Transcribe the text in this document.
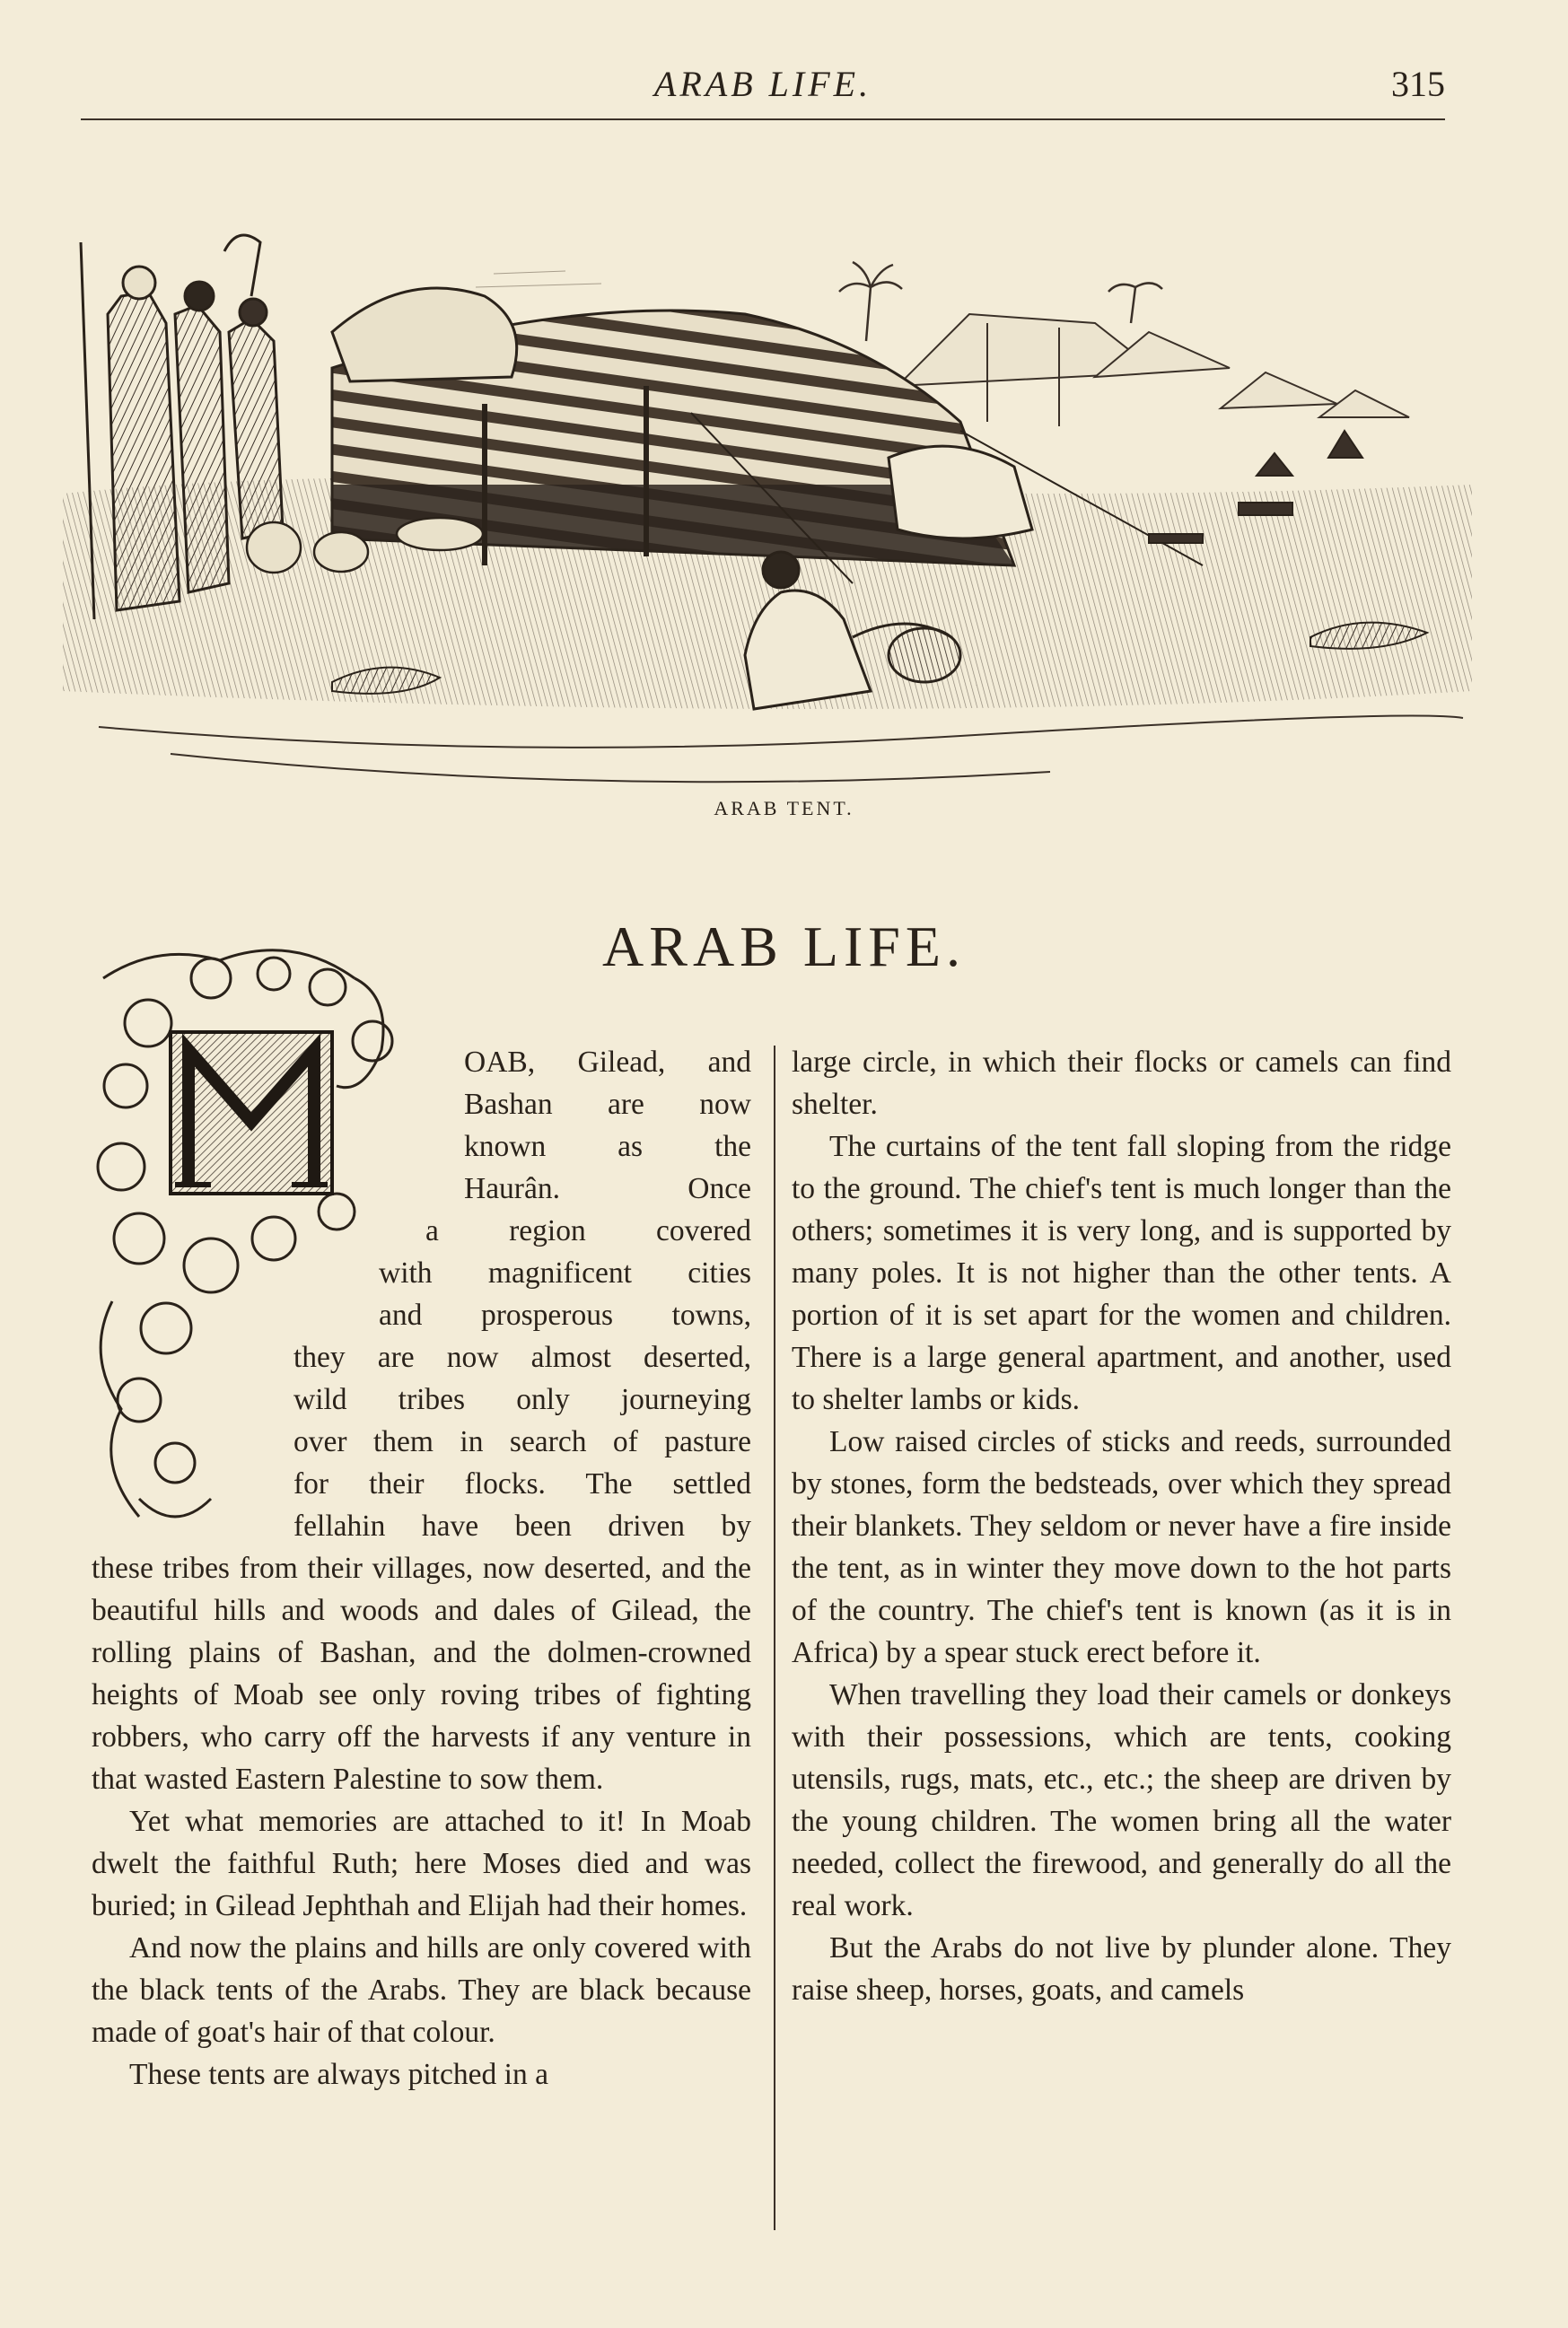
ARAB LIFE.	315
ARAB TENT.
ARAB LIFE.

OAB, Gilead, and
Bashan are now
known as the
Haurân. Once
a region covered
with magnificent cities
and prosperous towns,
they are now almost deserted,
wild tribes only journeying
over them in search of pasture
for their flocks. The settled
fellahin have been driven by
these tribes from their villages, now deserted, and the beautiful hills and woods and dales of Gilead, the rolling plains of Bashan, and the dolmen-crowned heights of Moab see only roving tribes of fighting robbers, who carry off the harvests if any venture in that wasted Eastern Palestine to sow them.

Yet what memories are attached to it! In Moab dwelt the faithful Ruth; here Moses died and was buried; in Gilead Jephthah and Elijah had their homes.

And now the plains and hills are only covered with the black tents of the Arabs. They are black because made of goat's hair of that colour.

These tents are always pitched in a

large circle, in which their flocks or camels can find shelter.

The curtains of the tent fall sloping from the ridge to the ground. The chief's tent is much longer than the others; sometimes it is very long, and is supported by many poles. It is not higher than the other tents. A portion of it is set apart for the women and children. There is a large general apartment, and another, used to shelter lambs or kids.

Low raised circles of sticks and reeds, surrounded by stones, form the bedsteads, over which they spread their blankets. They seldom or never have a fire inside the tent, as in winter they move down to the hot parts of the country. The chief's tent is known (as it is in Africa) by a spear stuck erect before it.

When travelling they load their camels or donkeys with their possessions, which are tents, cooking utensils, rugs, mats, etc., etc.; the sheep are driven by the young children. The women bring all the water needed, collect the firewood, and generally do all the real work.

But the Arabs do not live by plunder alone. They raise sheep, horses, goats, and camels
